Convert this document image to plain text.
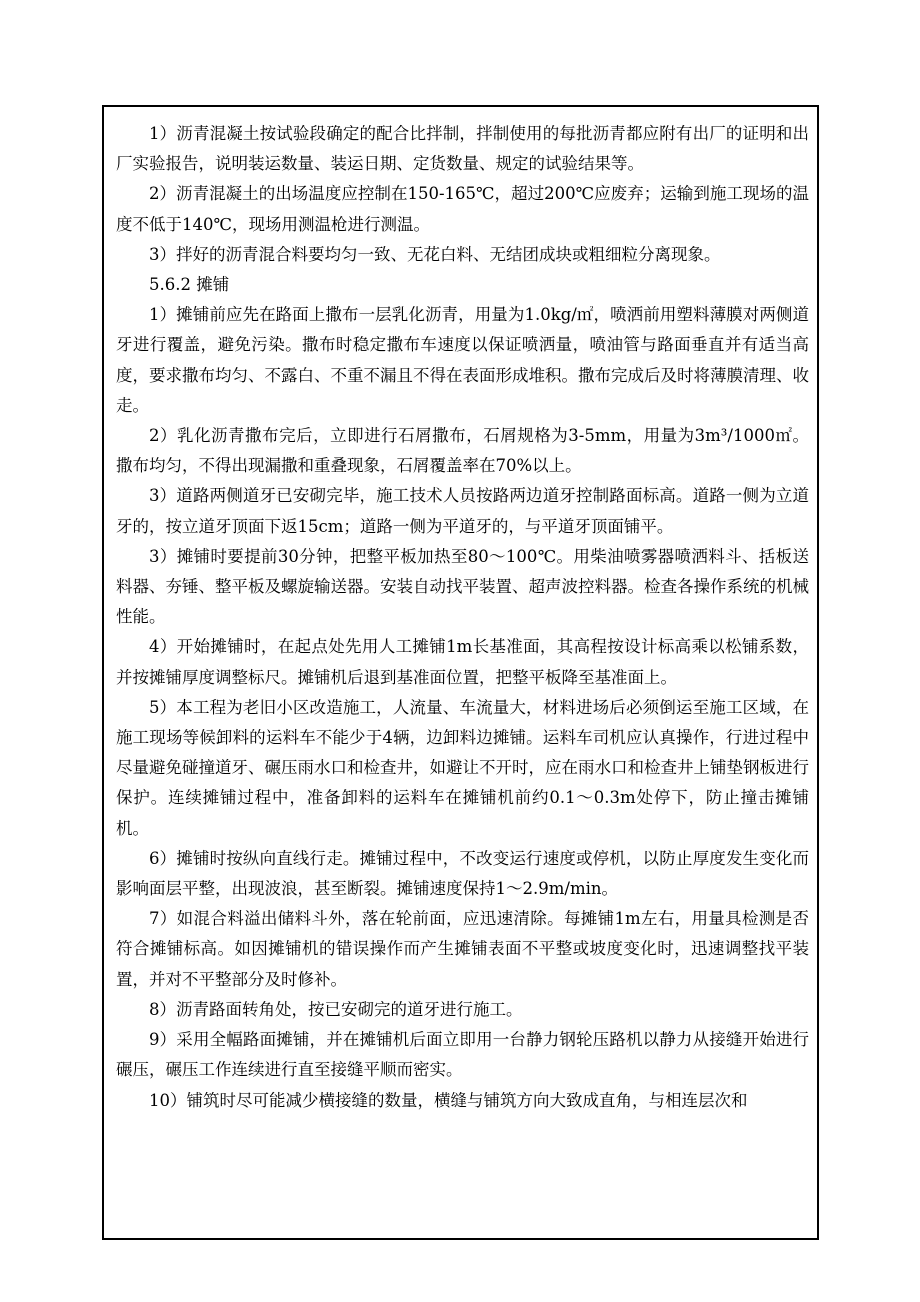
1）沥青混凝土按试验段确定的配合比拌制，拌制使用的每批沥青都应附有出厂的证明和出厂实验报告，说明装运数量、装运日期、定货数量、规定的试验结果等。

2）沥青混凝土的出场温度应控制在150-165℃，超过200℃应废弃；运输到施工现场的温度不低于140℃，现场用测温枪进行测温。

3）拌好的沥青混合料要均匀一致、无花白料、无结团成块或粗细粒分离现象。

5.6.2 摊铺

1）摊铺前应先在路面上撒布一层乳化沥青，用量为1.0kg/㎡，喷洒前用塑料薄膜对两侧道牙进行覆盖，避免污染。撒布时稳定撒布车速度以保证喷洒量，喷油管与路面垂直并有适当高度，要求撒布均匀、不露白、不重不漏且不得在表面形成堆积。撒布完成后及时将薄膜清理、收走。

2）乳化沥青撒布完后，立即进行石屑撒布，石屑规格为3-5mm，用量为3m³/1000㎡。撒布均匀，不得出现漏撒和重叠现象，石屑覆盖率在70%以上。

3）道路两侧道牙已安砌完毕，施工技术人员按路两边道牙控制路面标高。道路一侧为立道牙的，按立道牙顶面下返15cm；道路一侧为平道牙的，与平道牙顶面铺平。

3）摊铺时要提前30分钟，把整平板加热至80～100℃。用柴油喷雾器喷洒料斗、括板送料器、夯锤、整平板及螺旋输送器。安装自动找平装置、超声波控料器。检查各操作系统的机械性能。

4）开始摊铺时，在起点处先用人工摊铺1m长基准面，其高程按设计标高乘以松铺系数，并按摊铺厚度调整标尺。摊铺机后退到基准面位置，把整平板降至基准面上。

5）本工程为老旧小区改造施工，人流量、车流量大，材料进场后必须倒运至施工区域，在施工现场等候卸料的运料车不能少于4辆，边卸料边摊铺。运料车司机应认真操作，行进过程中尽量避免碰撞道牙、碾压雨水口和检查井，如避让不开时，应在雨水口和检查井上铺垫钢板进行保护。连续摊铺过程中，准备卸料的运料车在摊铺机前约0.1～0.3m处停下，防止撞击摊铺机。

6）摊铺时按纵向直线行走。摊铺过程中，不改变运行速度或停机，以防止厚度发生变化而影响面层平整，出现波浪，甚至断裂。摊铺速度保持1～2.9m/min。

7）如混合料溢出储料斗外，落在轮前面，应迅速清除。每摊铺1m左右，用量具检测是否符合摊铺标高。如因摊铺机的错误操作而产生摊铺表面不平整或坡度变化时，迅速调整找平装置，并对不平整部分及时修补。

8）沥青路面转角处，按已安砌完的道牙进行施工。

9）采用全幅路面摊铺，并在摊铺机后面立即用一台静力钢轮压路机以静力从接缝开始进行碾压，碾压工作连续进行直至接缝平顺而密实。

10）铺筑时尽可能减少横接缝的数量，横缝与铺筑方向大致成直角，与相连层次和
